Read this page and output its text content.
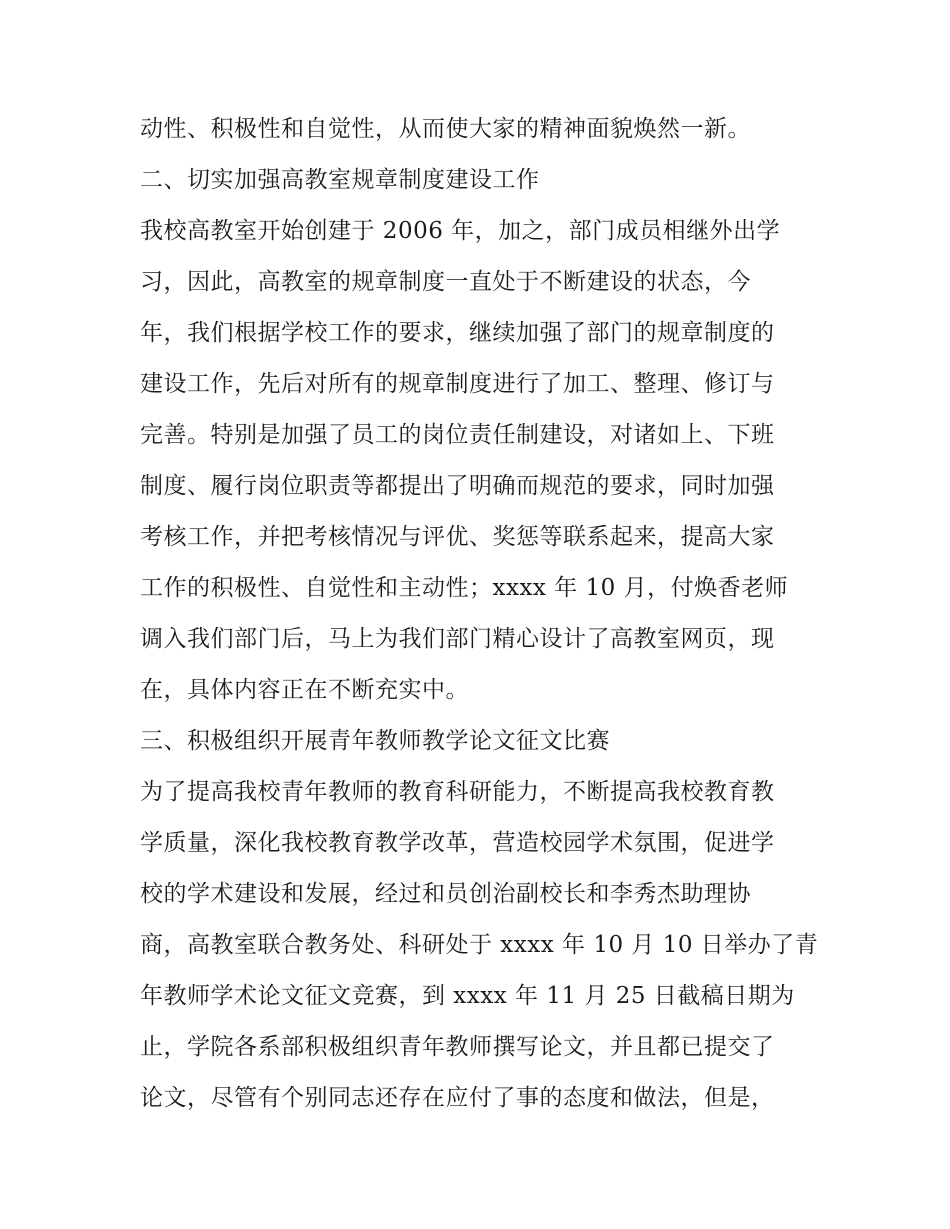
动性、积极性和自觉性，从而使大家的精神面貌焕然一新。
二、切实加强高教室规章制度建设工作
我校高教室开始创建于 2006 年，加之，部门成员相继外出学
习，因此，高教室的规章制度一直处于不断建设的状态，今
年，我们根据学校工作的要求，继续加强了部门的规章制度的
建设工作，先后对所有的规章制度进行了加工、整理、修订与
完善。特别是加强了员工的岗位责任制建设，对诸如上、下班
制度、履行岗位职责等都提出了明确而规范的要求，同时加强
考核工作，并把考核情况与评优、奖惩等联系起来，提高大家
工作的积极性、自觉性和主动性；xxxx 年 10 月，付焕香老师
调入我们部门后，马上为我们部门精心设计了高教室网页，现
在，具体内容正在不断充实中。
三、积极组织开展青年教师教学论文征文比赛
为了提高我校青年教师的教育科研能力，不断提高我校教育教
学质量，深化我校教育教学改革，营造校园学术氛围，促进学
校的学术建设和发展，经过和员创治副校长和李秀杰助理协
商，高教室联合教务处、科研处于 xxxx 年 10 月 10 日举办了青
年教师学术论文征文竞赛，到 xxxx 年 11 月 25 日截稿日期为
止，学院各系部积极组织青年教师撰写论文，并且都已提交了
论文，尽管有个别同志还存在应付了事的态度和做法，但是，
